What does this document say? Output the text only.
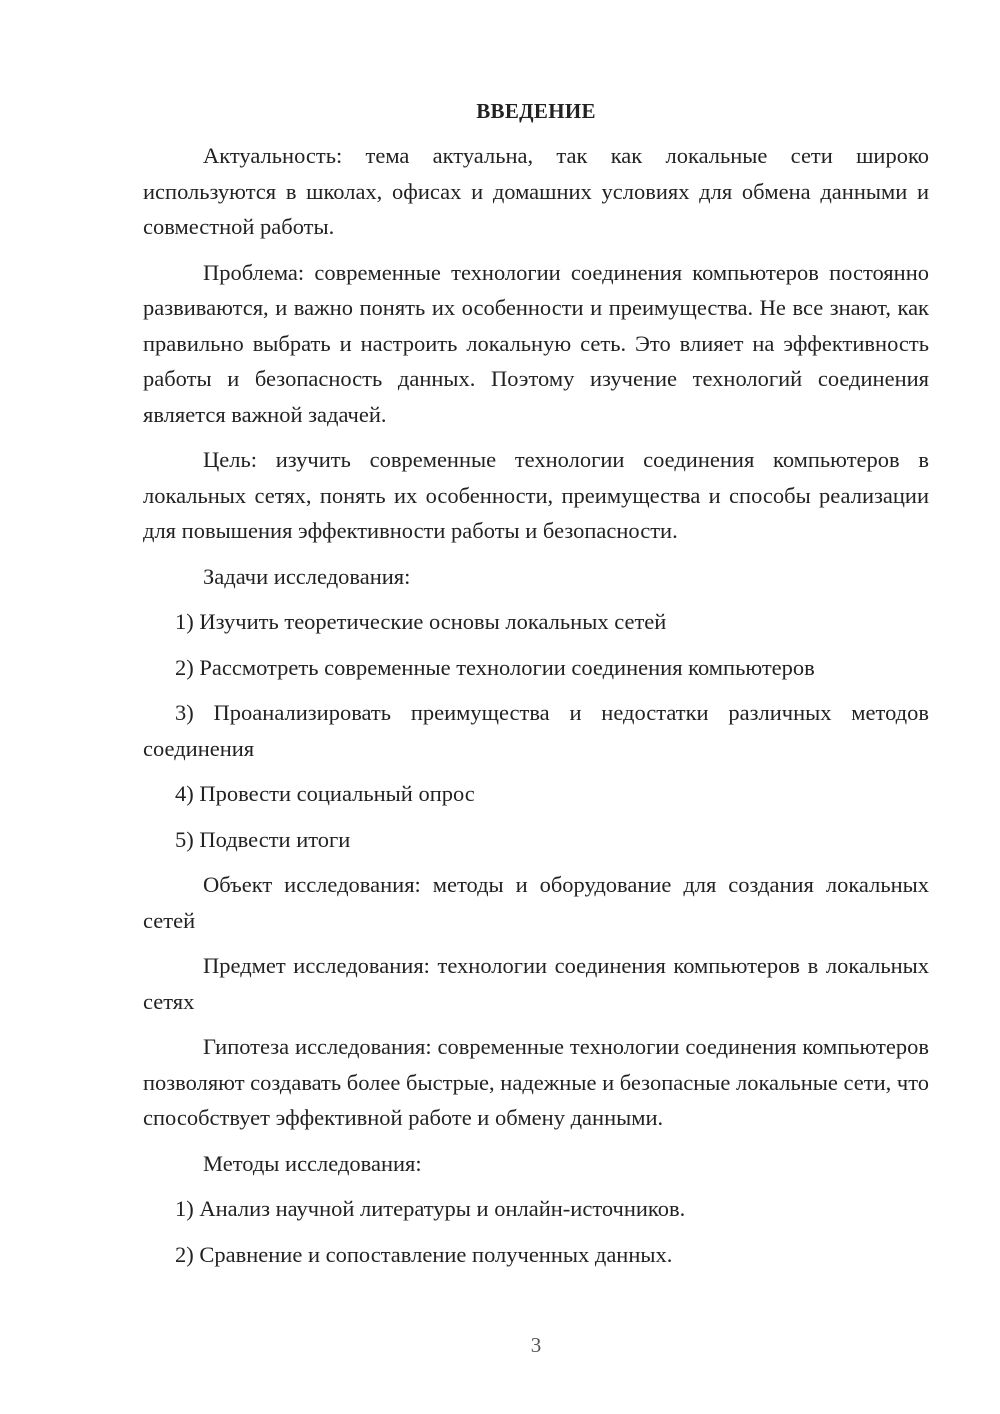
ВВЕДЕНИЕ

Актуальность: тема актуальна, так как локальные сети широко используются в школах, офисах и домашних условиях для обмена данными и совместной работы.

Проблема: современные технологии соединения компьютеров постоянно развиваются, и важно понять их особенности и преимущества. Не все знают, как правильно выбрать и настроить локальную сеть. Это влияет на эффективность работы и безопасность данных. Поэтому изучение технологий соединения является важной задачей.

Цель: изучить современные технологии соединения компьютеров в локальных сетях, понять их особенности, преимущества и способы реализации для повышения эффективности работы и безопасности.

Задачи исследования:

1) Изучить теоретические основы локальных сетей

2) Рассмотреть современные технологии соединения компьютеров

3) Проанализировать преимущества и недостатки различных методов соединения

4) Провести социальный опрос

5) Подвести итоги

Объект исследования: методы и оборудование для создания локальных сетей

Предмет исследования: технологии соединения компьютеров в локальных сетях

Гипотеза исследования: современные технологии соединения компьютеров позволяют создавать более быстрые, надежные и безопасные локальные сети, что способствует эффективной работе и обмену данными.

Методы исследования:

1) Анализ научной литературы и онлайн-источников.

2) Сравнение и сопоставление полученных данных.

3
